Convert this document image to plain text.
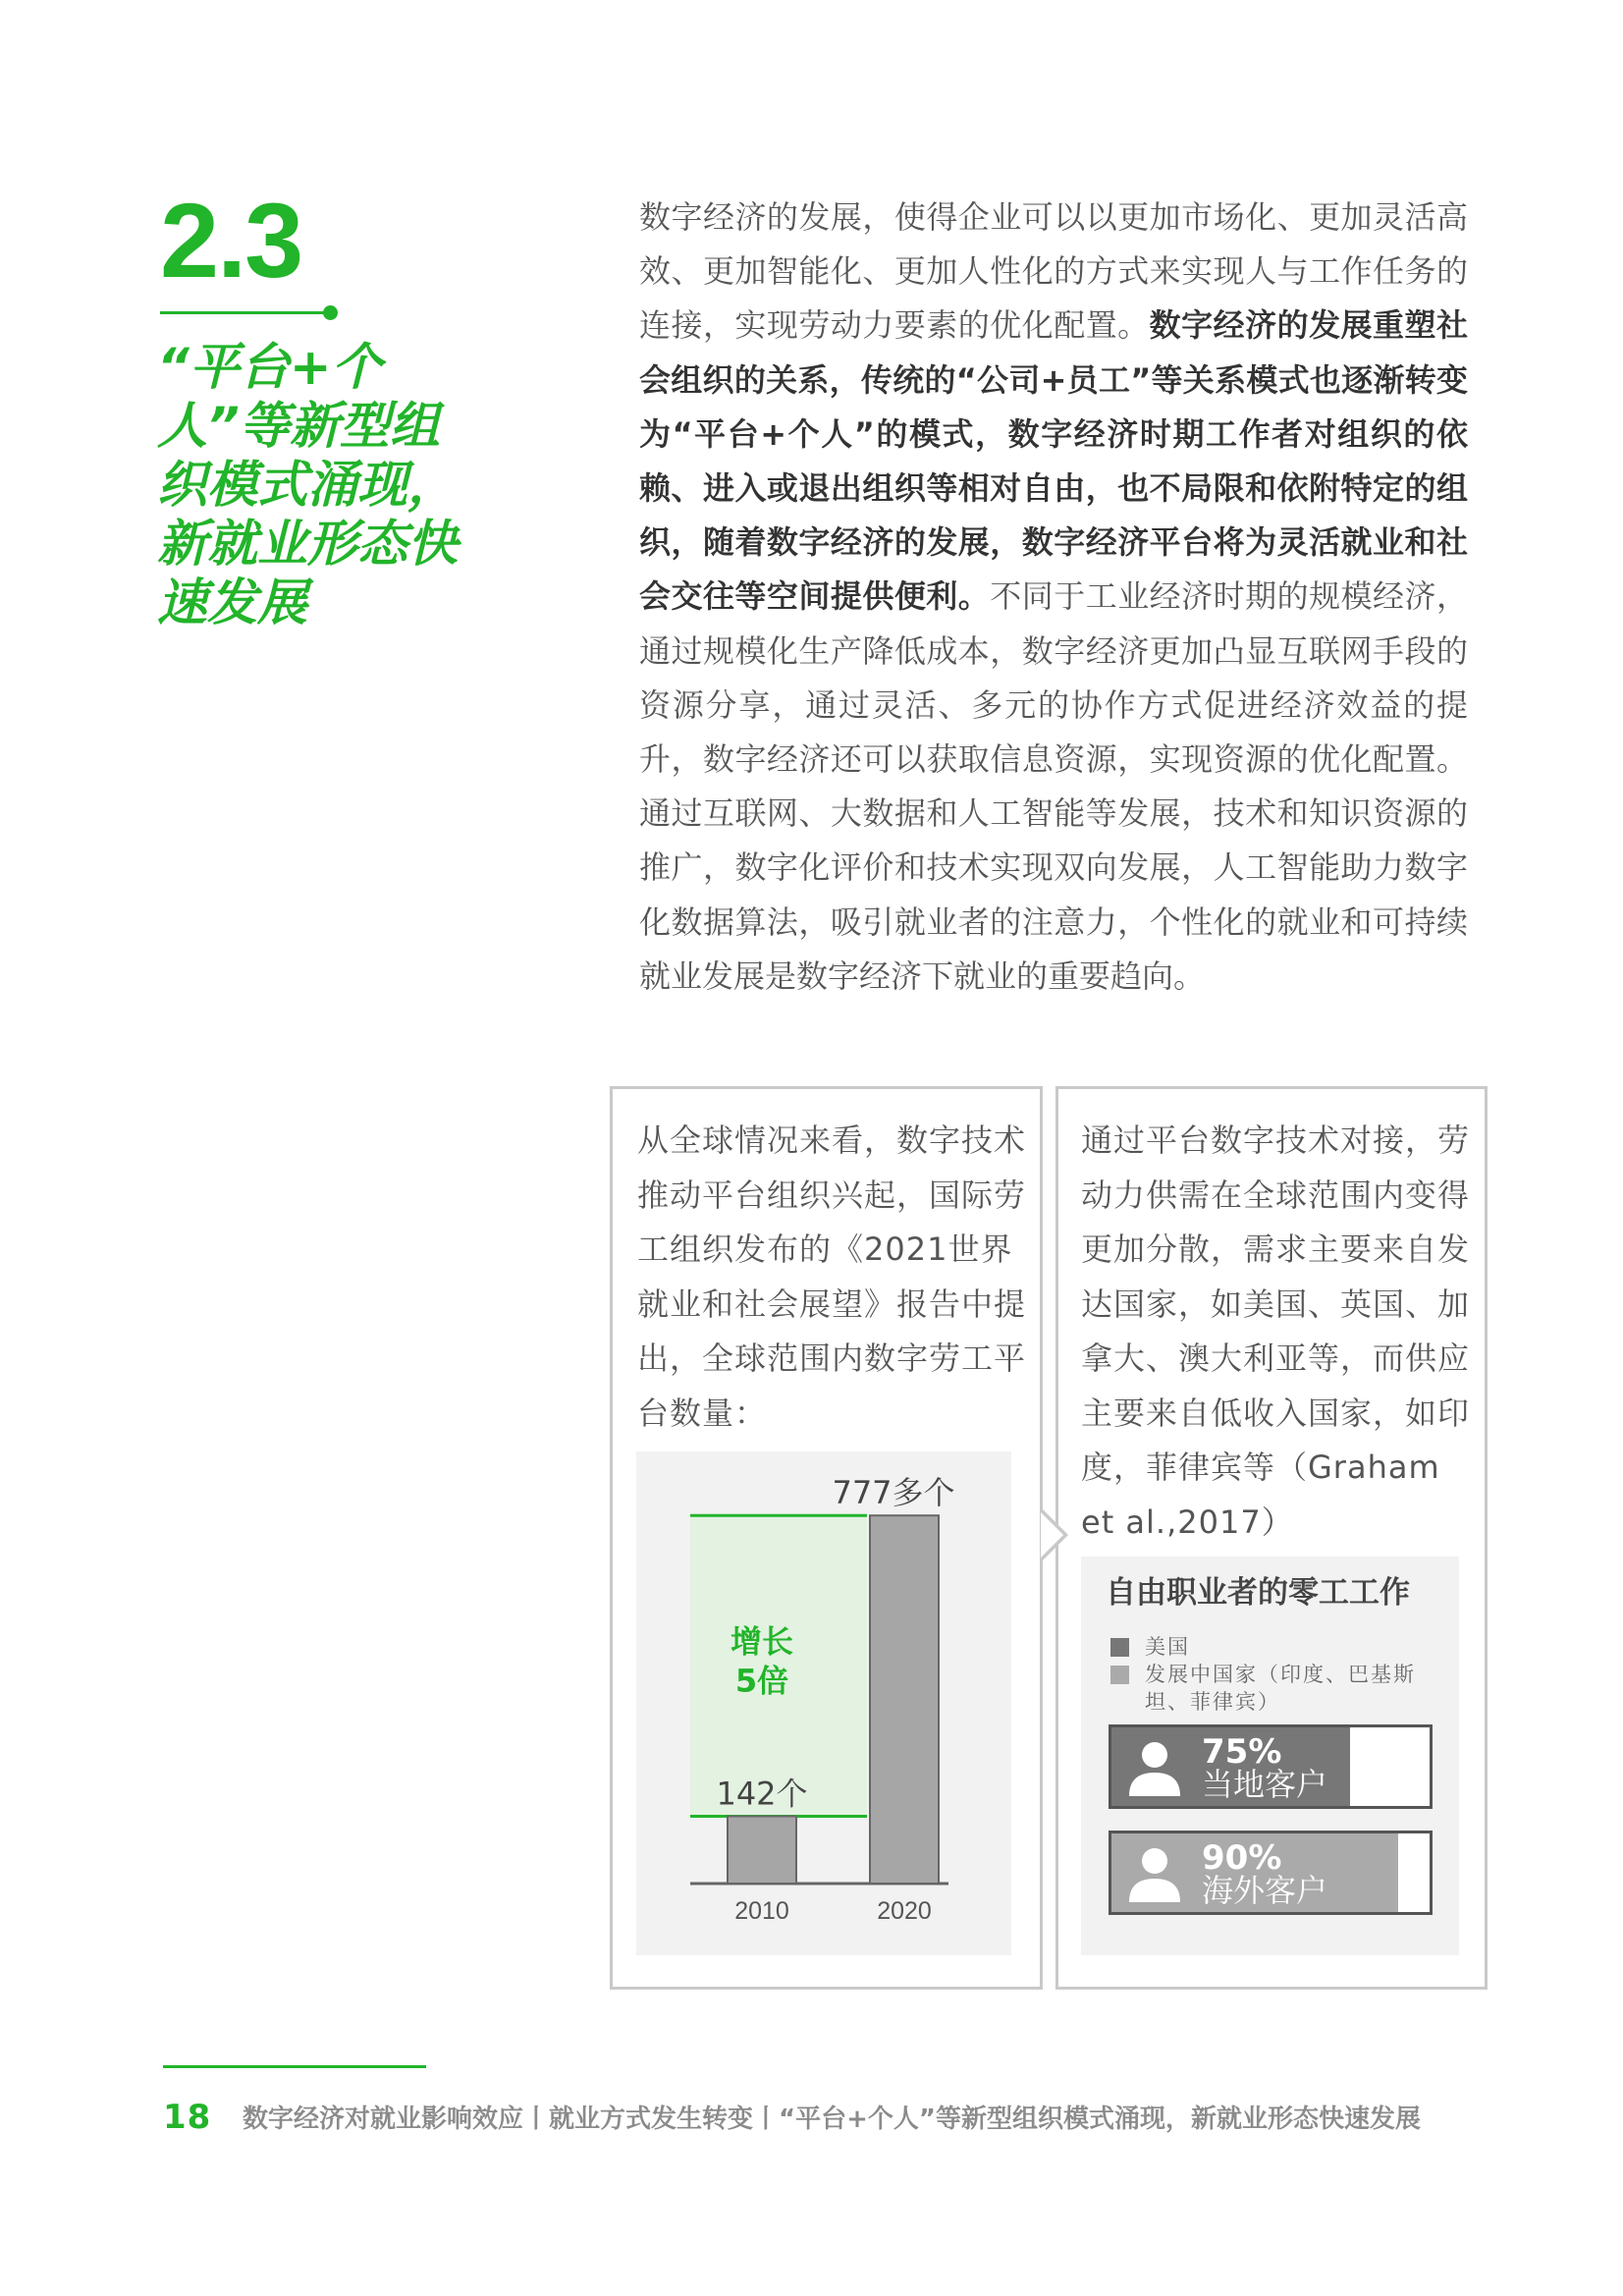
2.3
“平台+个人”等新型组织模式涌现，新就业形态快速发展
数字经济的发展，使得企业可以以更加市场化、更加灵活高效、更加智能化、更加人性化的方式来实现人与工作任务的连接，实现劳动力要素的优化配置。数字经济的发展重塑社会组织的关系，传统的“公司+员工”等关系模式也逐渐转变为“平台+个人”的模式，数字经济时期工作者对组织的依赖、进入或退出组织等相对自由，也不局限和依附特定的组织，随着数字经济的发展，数字经济平台将为灵活就业和社会交往等空间提供便利。不同于工业经济时期的规模经济，通过规模化生产降低成本，数字经济更加凸显互联网手段的资源分享，通过灵活、多元的协作方式促进经济效益的提升，数字经济还可以获取信息资源，实现资源的优化配置。通过互联网、大数据和人工智能等发展，技术和知识资源的推广，数字化评价和技术实现双向发展，人工智能助力数字化数据算法，吸引就业者的注意力，个性化的就业和可持续就业发展是数字经济下就业的重要趋向。
从全球情况来看，数字技术推动平台组织兴起，国际劳工组织发布的《2021世界就业和社会展望》报告中提出，全球范围内数字劳工平台数量：
通过平台数字技术对接，劳动力供需在全球范围内变得更加分散，需求主要来自发达国家，如美国、英国、加拿大、澳大利亚等，而供应主要来自低收入国家，如印度，菲律宾等（Graham et al.,2017）
142个
777多个
2010	2020
增长
5倍
自由职业者的零工工作
美国
发展中国家（印度、巴基斯坦、菲律宾）
75%
当地客户
90%
海外客户
18	数字经济对就业影响效应丨就业方式发生转变丨“平台+个人”等新型组织模式涌现，新就业形态快速发展
